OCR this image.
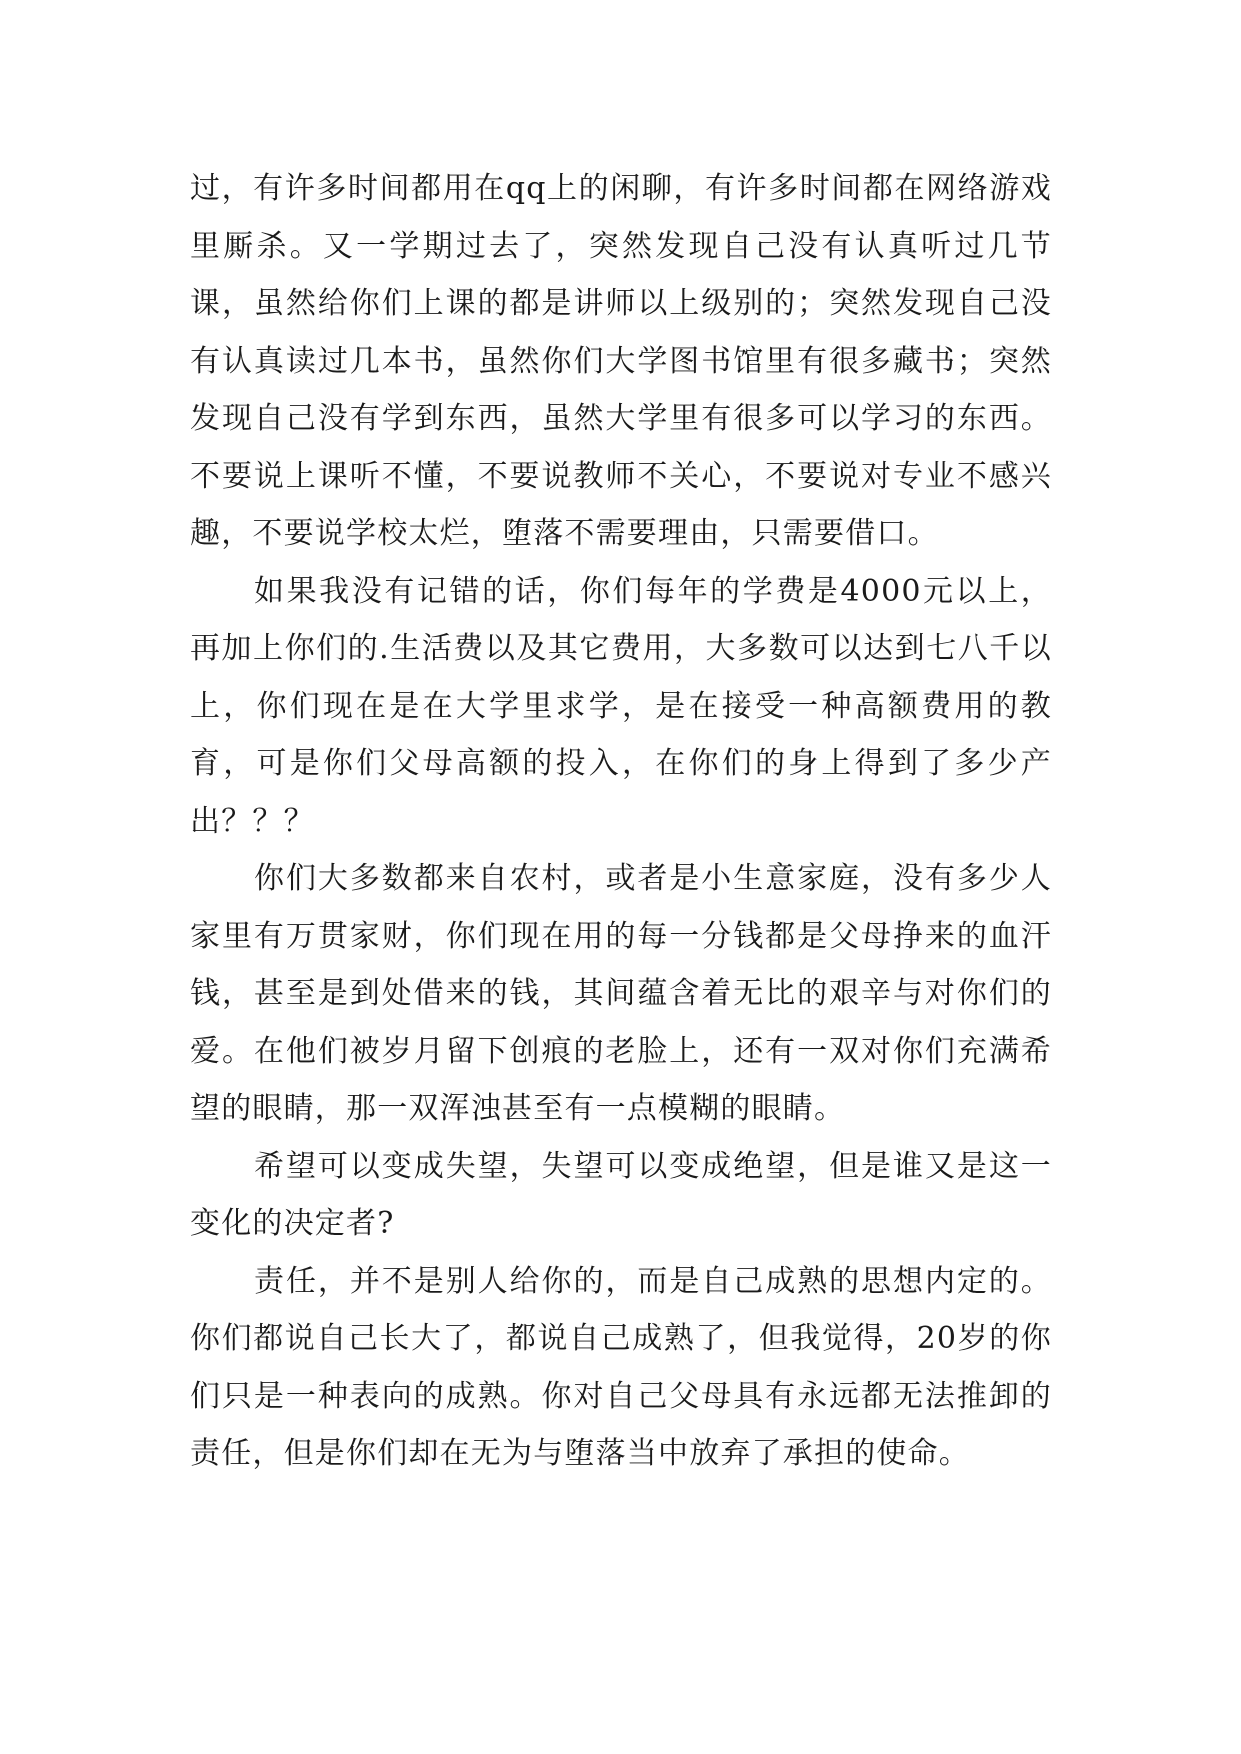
过，有许多时间都用在qq上的闲聊，有许多时间都在网络游戏里厮杀。又一学期过去了，突然发现自己没有认真听过几节课，虽然给你们上课的都是讲师以上级别的；突然发现自己没有认真读过几本书，虽然你们大学图书馆里有很多藏书；突然发现自己没有学到东西，虽然大学里有很多可以学习的东西。不要说上课听不懂，不要说教师不关心，不要说对专业不感兴趣，不要说学校太烂，堕落不需要理由，只需要借口。

如果我没有记错的话，你们每年的学费是4000元以上，再加上你们的.生活费以及其它费用，大多数可以达到七八千以上，你们现在是在大学里求学，是在接受一种高额费用的教育，可是你们父母高额的投入，在你们的身上得到了多少产出？？？

你们大多数都来自农村，或者是小生意家庭，没有多少人家里有万贯家财，你们现在用的每一分钱都是父母挣来的血汗钱，甚至是到处借来的钱，其间蕴含着无比的艰辛与对你们的爱。在他们被岁月留下创痕的老脸上，还有一双对你们充满希望的眼睛，那一双浑浊甚至有一点模糊的眼睛。

希望可以变成失望，失望可以变成绝望，但是谁又是这一变化的决定者?

责任，并不是别人给你的，而是自己成熟的思想内定的。你们都说自己长大了，都说自己成熟了，但我觉得，20岁的你们只是一种表向的成熟。你对自己父母具有永远都无法推卸的责任，但是你们却在无为与堕落当中放弃了承担的使命。
